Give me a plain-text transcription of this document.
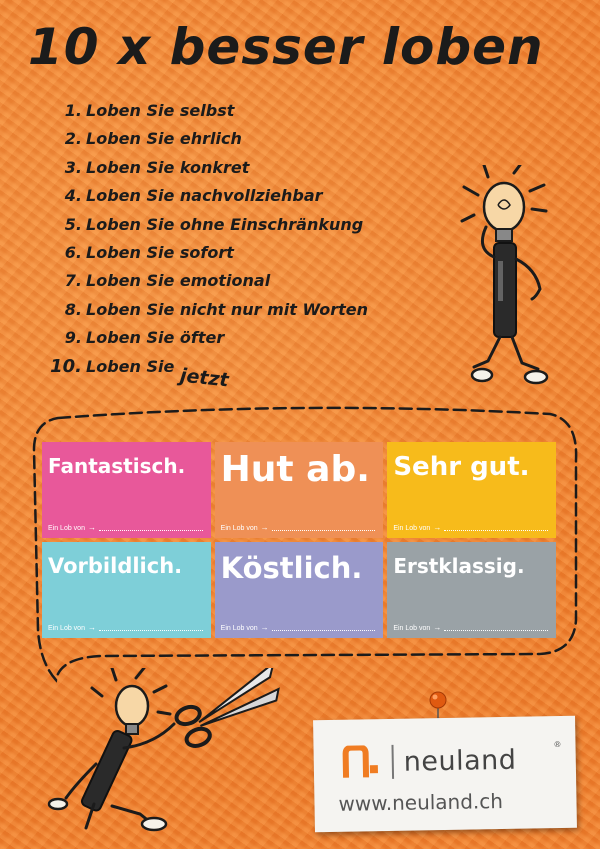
10 x besser loben
1. Loben Sie selbst
2. Loben Sie ehrlich
3. Loben Sie konkret
4. Loben Sie nachvollziehbar
5. Loben Sie ohne Einschränkung
6. Loben Sie sofort
7. Loben Sie emotional
8. Loben Sie nicht nur mit Worten
9. Loben Sie öfter
10. Loben Sie jetzt
Fantastisch.
Ein Lob von →
Hut ab.
Ein Lob von →
Sehr gut.
Ein Lob von →
Vorbildlich.
Ein Lob von →
Köstlich.
Ein Lob von →
Erstklassig.
Ein Lob von →
neuland	®
www.neuland.ch
